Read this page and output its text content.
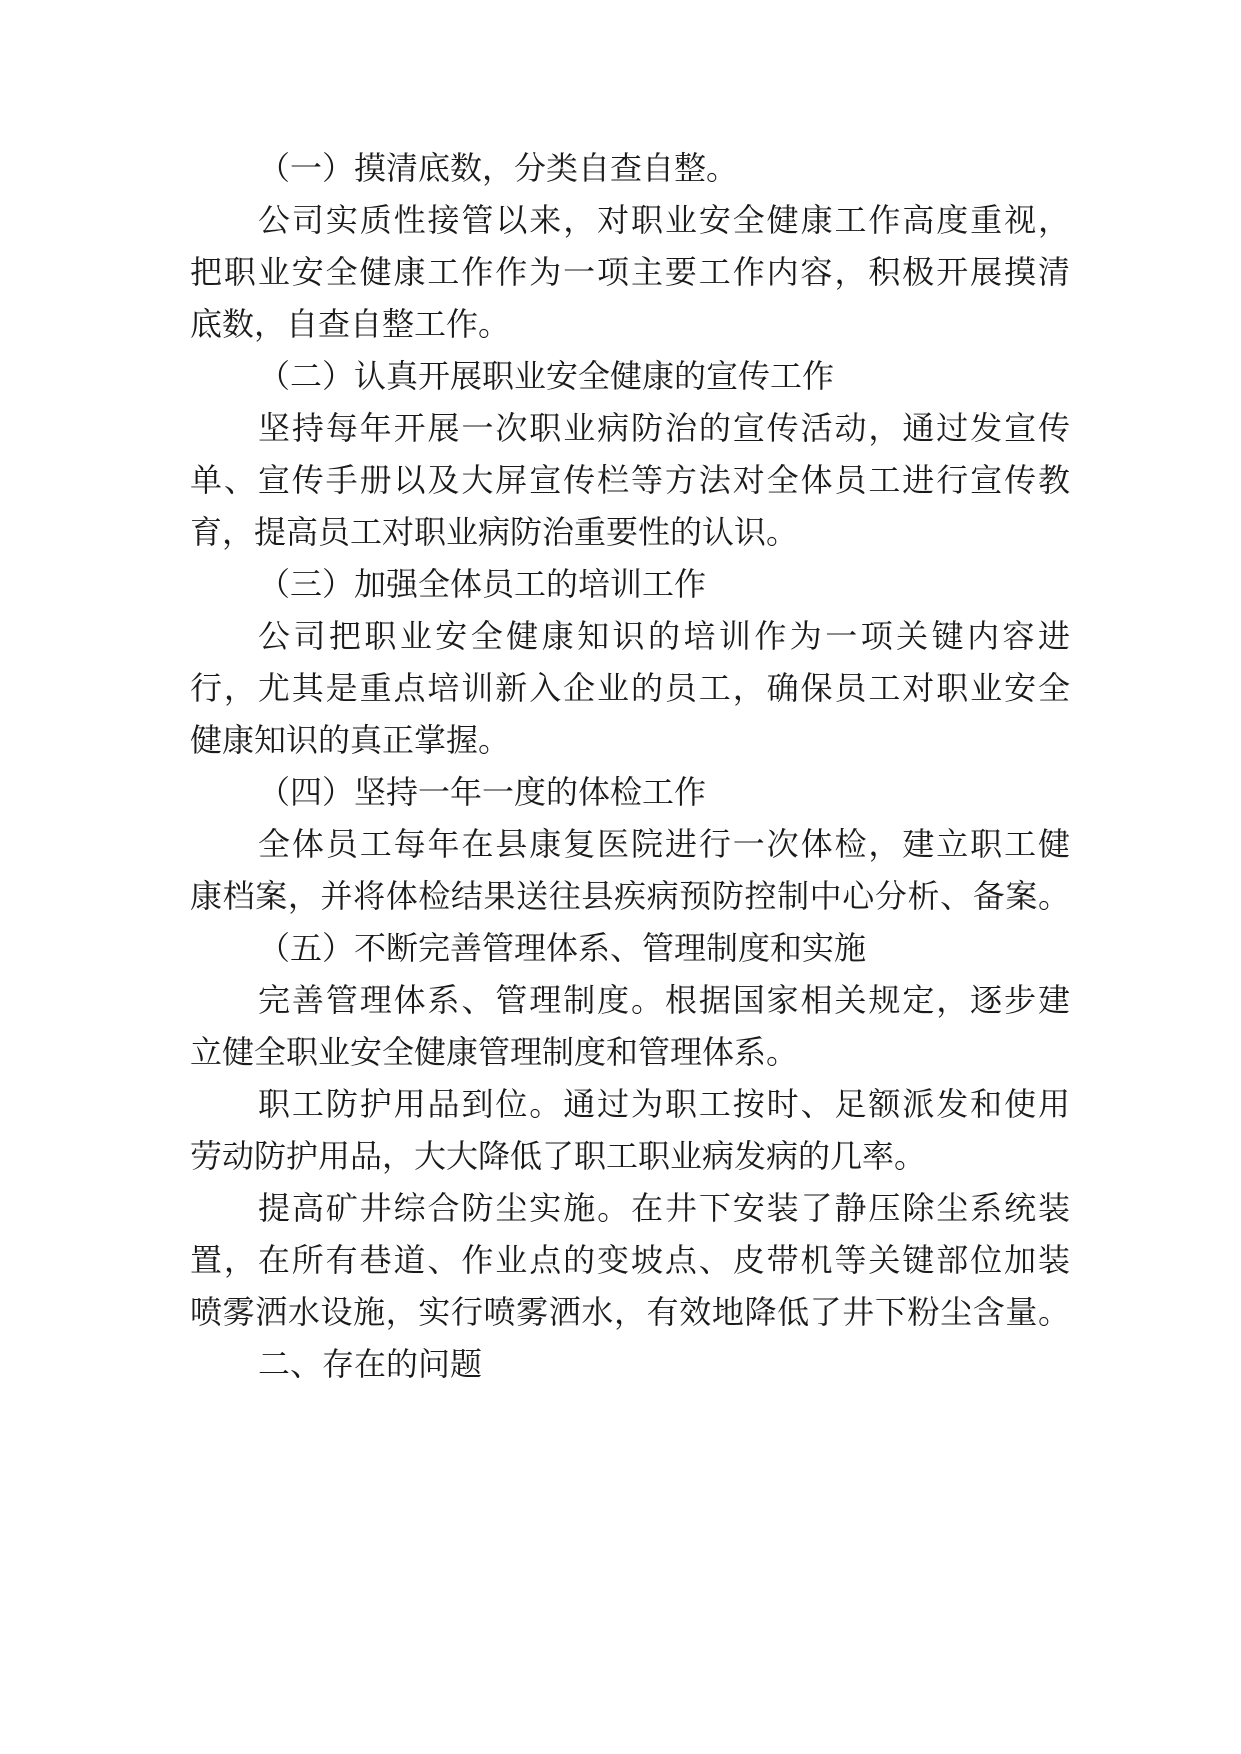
（一）摸清底数，分类自查自整。
公司实质性接管以来，对职业安全健康工作高度重视，
把职业安全健康工作作为一项主要工作内容，积极开展摸清
底数，自查自整工作。
（二）认真开展职业安全健康的宣传工作
坚持每年开展一次职业病防治的宣传活动，通过发宣传
单、宣传手册以及大屏宣传栏等方法对全体员工进行宣传教
育，提高员工对职业病防治重要性的认识。
（三）加强全体员工的培训工作
公司把职业安全健康知识的培训作为一项关键内容进
行，尤其是重点培训新入企业的员工，确保员工对职业安全
健康知识的真正掌握。
（四）坚持一年一度的体检工作
全体员工每年在县康复医院进行一次体检，建立职工健
康档案，并将体检结果送往县疾病预防控制中心分析、备案。
（五）不断完善管理体系、管理制度和实施
完善管理体系、管理制度。根据国家相关规定，逐步建
立健全职业安全健康管理制度和管理体系。
职工防护用品到位。通过为职工按时、足额派发和使用
劳动防护用品，大大降低了职工职业病发病的几率。
提高矿井综合防尘实施。在井下安装了静压除尘系统装
置，在所有巷道、作业点的变坡点、皮带机等关键部位加装
喷雾洒水设施，实行喷雾洒水，有效地降低了井下粉尘含量。
二、存在的问题
